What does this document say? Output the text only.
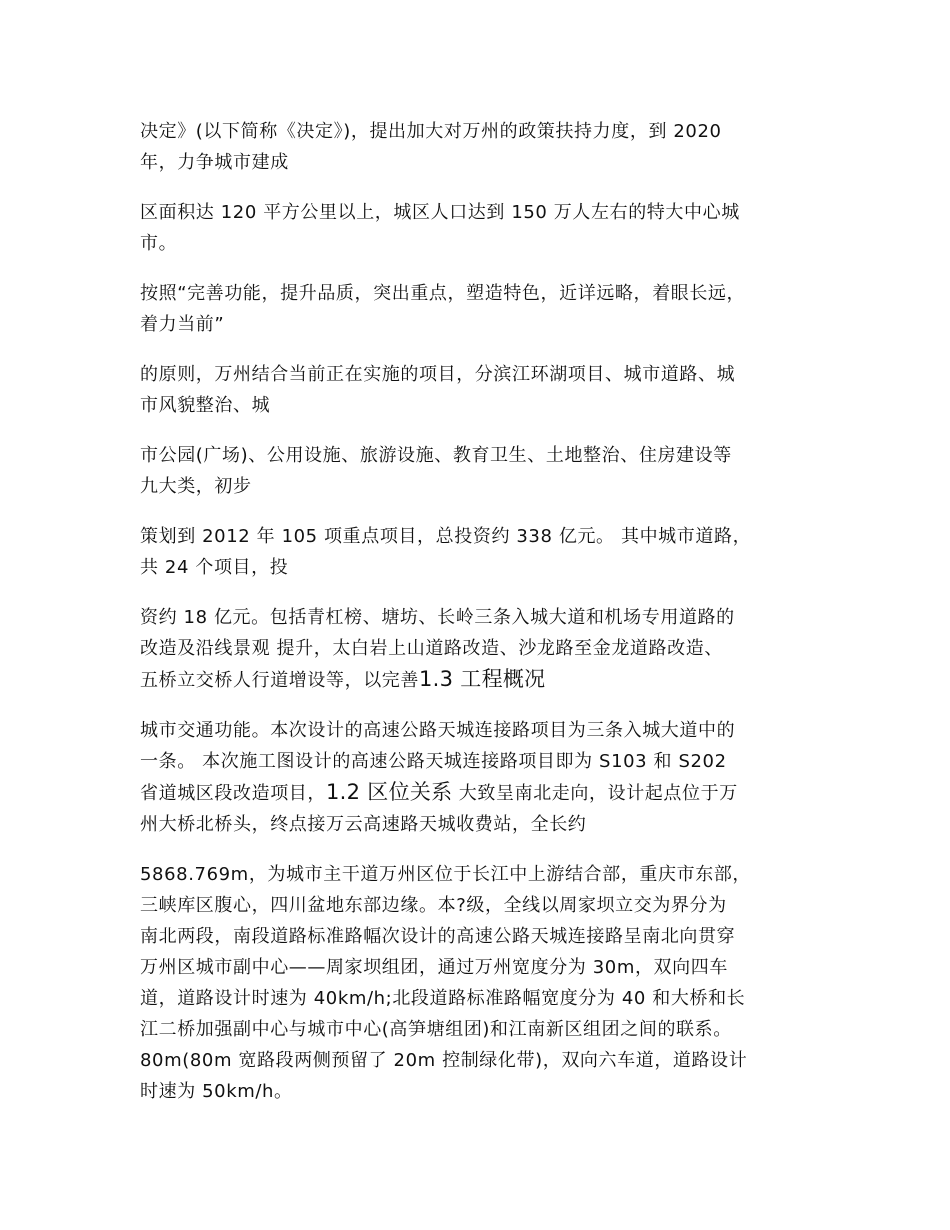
决定》(以下简称《决定》)，提出加大对万州的政策扶持力度，到 2020
年，力争城市建成

区面积达 120 平方公里以上，城区人口达到 150 万人左右的特大中心城
市。

按照“完善功能，提升品质，突出重点，塑造特色，近详远略，着眼长远，
着力当前”

的原则，万州结合当前正在实施的项目，分滨江环湖项目、城市道路、城
市风貌整治、城

市公园(广场)、公用设施、旅游设施、教育卫生、土地整治、住房建设等
九大类，初步

策划到 2012 年 105 项重点项目，总投资约 338 亿元。 其中城市道路，
共 24 个项目，投

资约 18 亿元。包括青杠榜、塘坊、长岭三条入城大道和机场专用道路的
改造及沿线景观 提升，太白岩上山道路改造、沙龙路至金龙道路改造、
五桥立交桥人行道增设等，以完善1.3 工程概况

城市交通功能。本次设计的高速公路天城连接路项目为三条入城大道中的
一条。 本次施工图设计的高速公路天城连接路项目即为 S103 和 S202
省道城区段改造项目，1.2 区位关系 大致呈南北走向，设计起点位于万
州大桥北桥头，终点接万云高速路天城收费站，全长约

5868.769m，为城市主干道万州区位于长江中上游结合部，重庆市东部，
三峡库区腹心，四川盆地东部边缘。本?级，全线以周家坝立交为界分为
南北两段，南段道路标准路幅次设计的高速公路天城连接路呈南北向贯穿
万州区城市副中心——周家坝组团，通过万州宽度分为 30m，双向四车
道，道路设计时速为 40km/h;北段道路标准路幅宽度分为 40 和大桥和长
江二桥加强副中心与城市中心(高笋塘组团)和江南新区组团之间的联系。
80m(80m 宽路段两侧预留了 20m 控制绿化带)，双向六车道，道路设计
时速为 50km/h。
